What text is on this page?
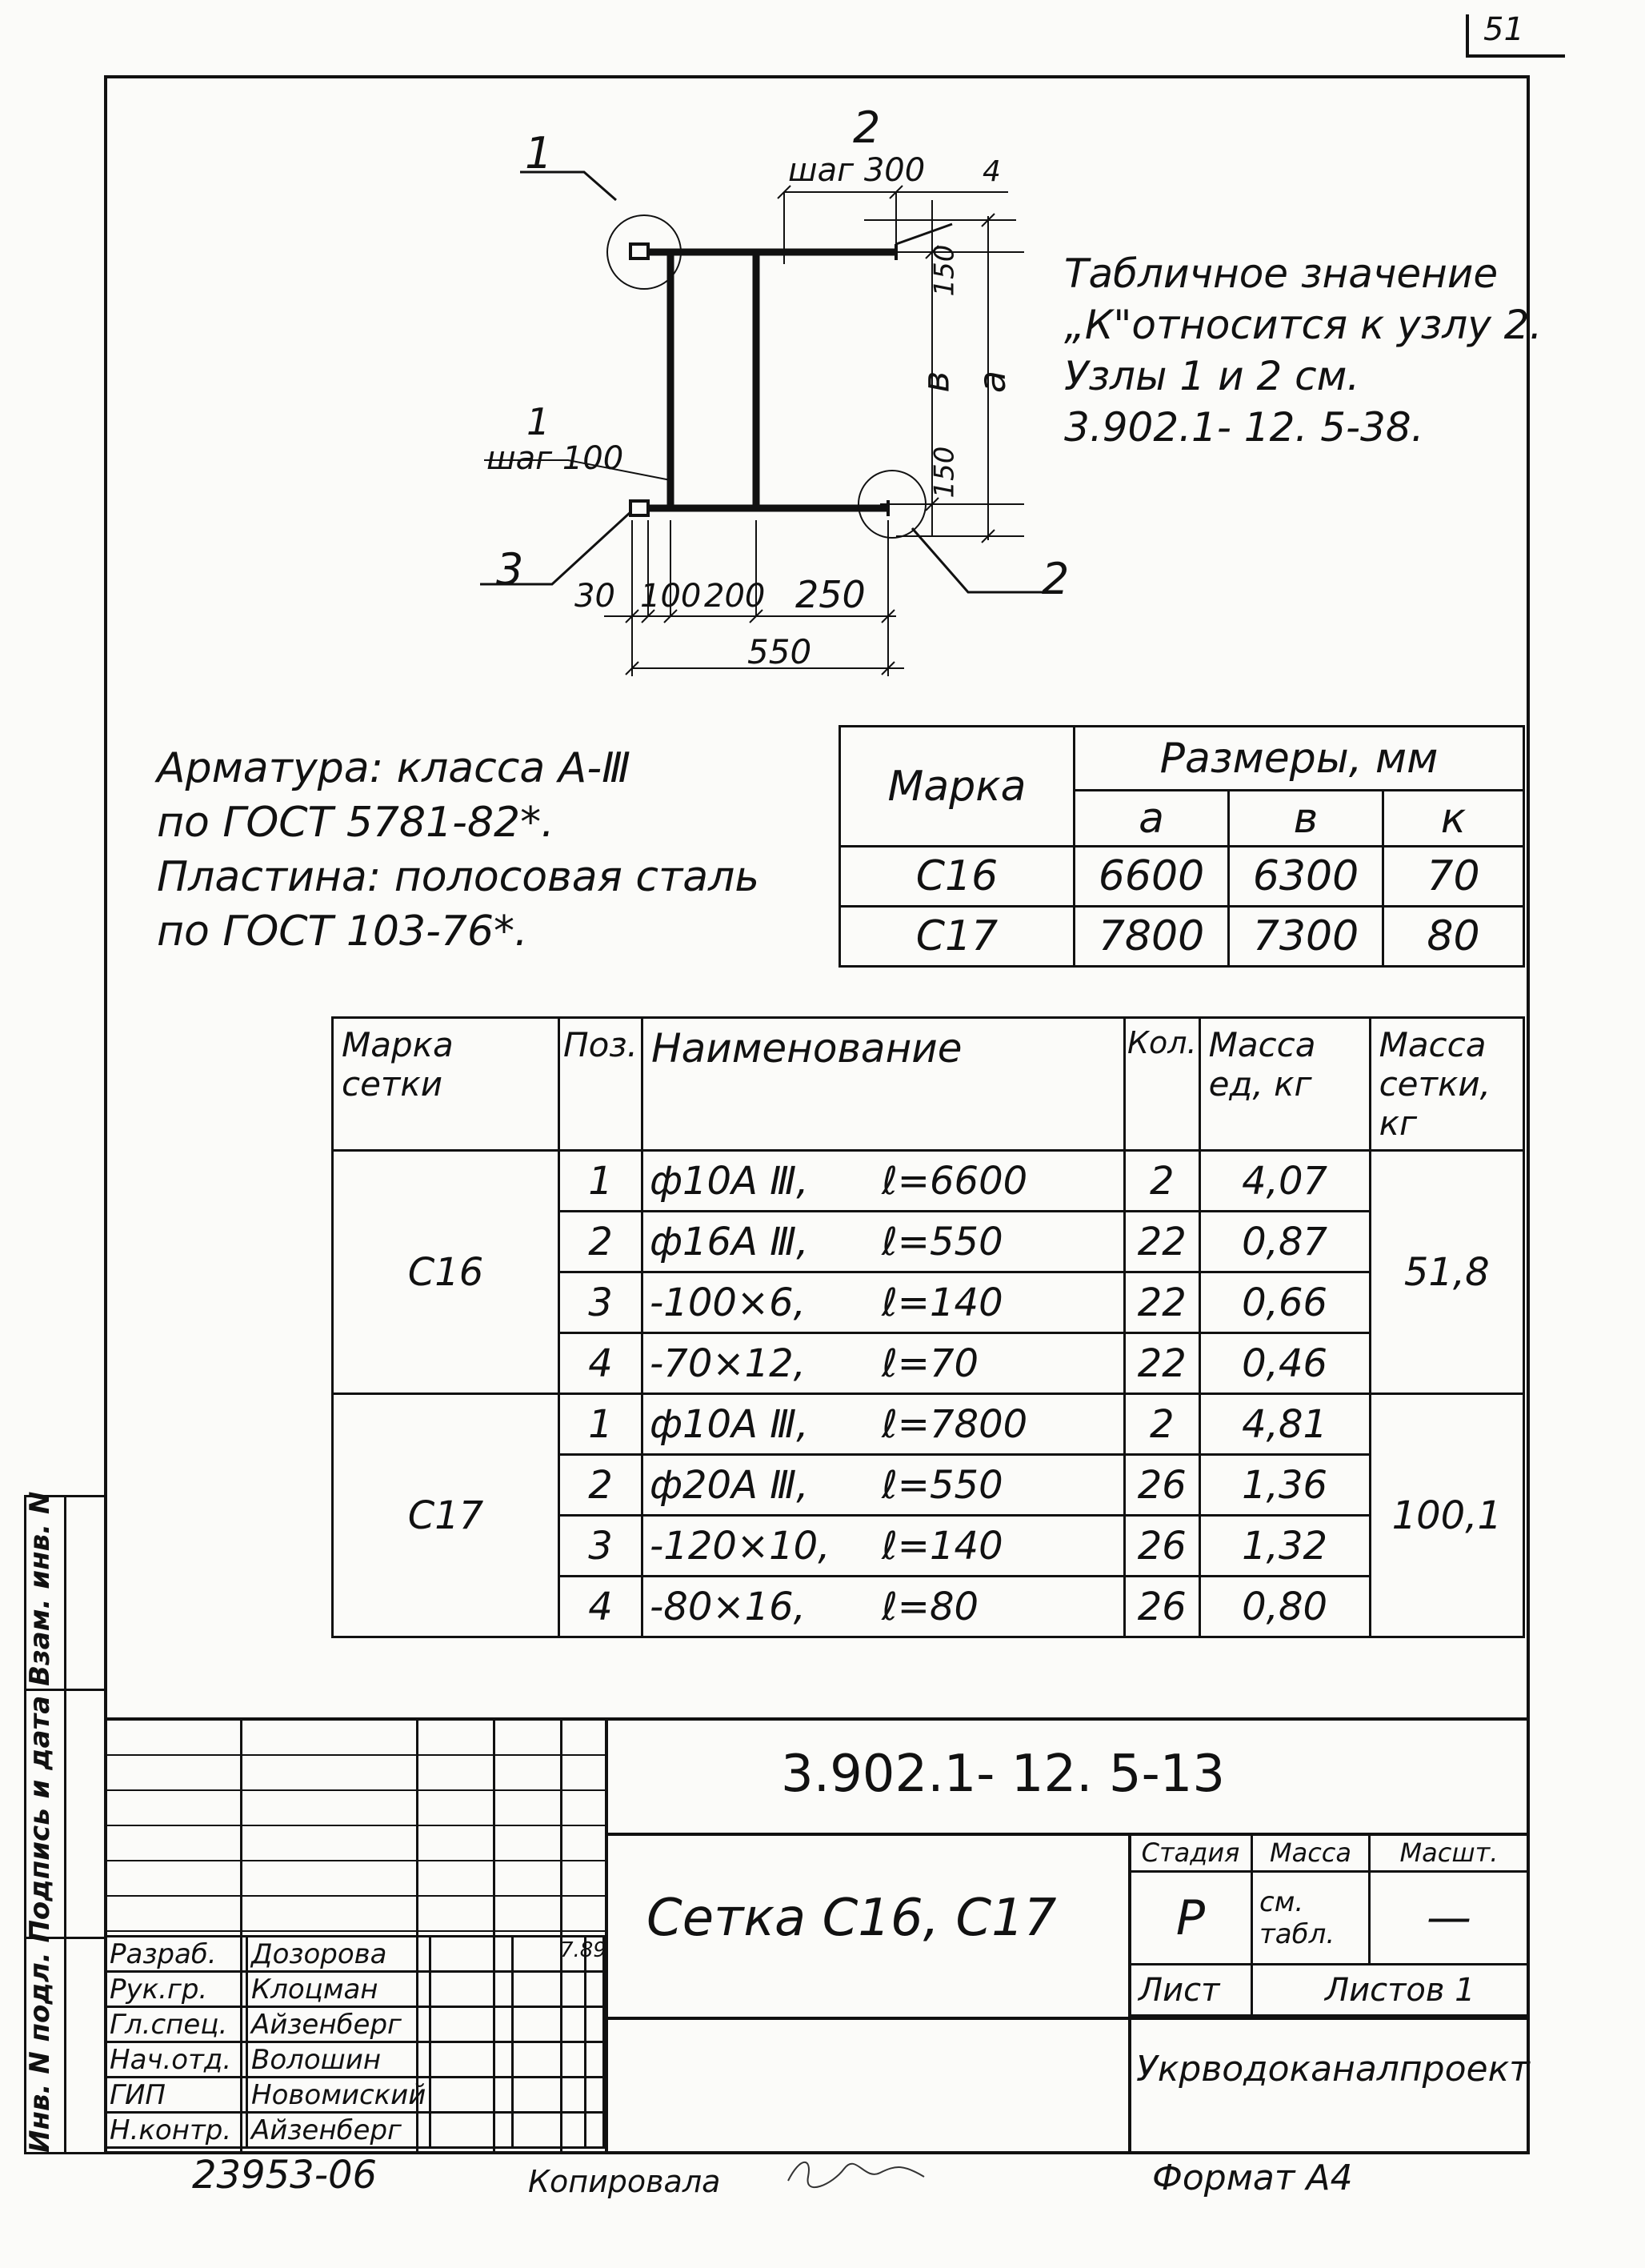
51
Инв. N подл. Подпись и дата Взам. инв. N
1
2
шаг 300 4
1
шаг 100
3	2
150
150
в а
30 100 200 250
550
Табличное значение
„К"относится к узлу 2.
Узлы 1 и 2 см.
3.902.1- 12. 5-38.
Арматура: класса А-Ⅲ
по ГОСТ 5781-82*.
Пластина: полосовая сталь
по ГОСТ 103-76*.
Марка	Размеры, мм		
	а	в	к
С16	6600	6300	70
С17	7800	7300	80
Марка сетки	Поз.	Наименование	Кол.	Масса ед, кг	Масса сетки, кг
С16	1	ф10А Ⅲ, ℓ=6600	2	4,07	51,8
	2	ф16А Ⅲ, ℓ=550	22	0,87	
	3	-100×6, ℓ=140	22	0,66	
	4	-70×12, ℓ=70	22	0,46	
С17	1	ф10А Ⅲ, ℓ=7800	2	4,81	100,1
	2	ф20А Ⅲ, ℓ=550	26	1,36	
	3	-120×10, ℓ=140	26	1,32	
	4	-80×16, ℓ=80	26	0,80	
Разраб.	Дозорова			
Рук.гр.	Клоцман			
Гл.спец.	Айзенберг			
Нач.отд.	Волошин			
ГИП	Новомиский			
Н.контр.	Айзенберг			
7.89
3.902.1- 12. 5-13
Сетка С16, С17
Стадия	Масса	Масшт.
Р	см. табл.	—
Лист	Листов 1	
Укрводоканалпроект
23953-06	Копировала	Формат А4
